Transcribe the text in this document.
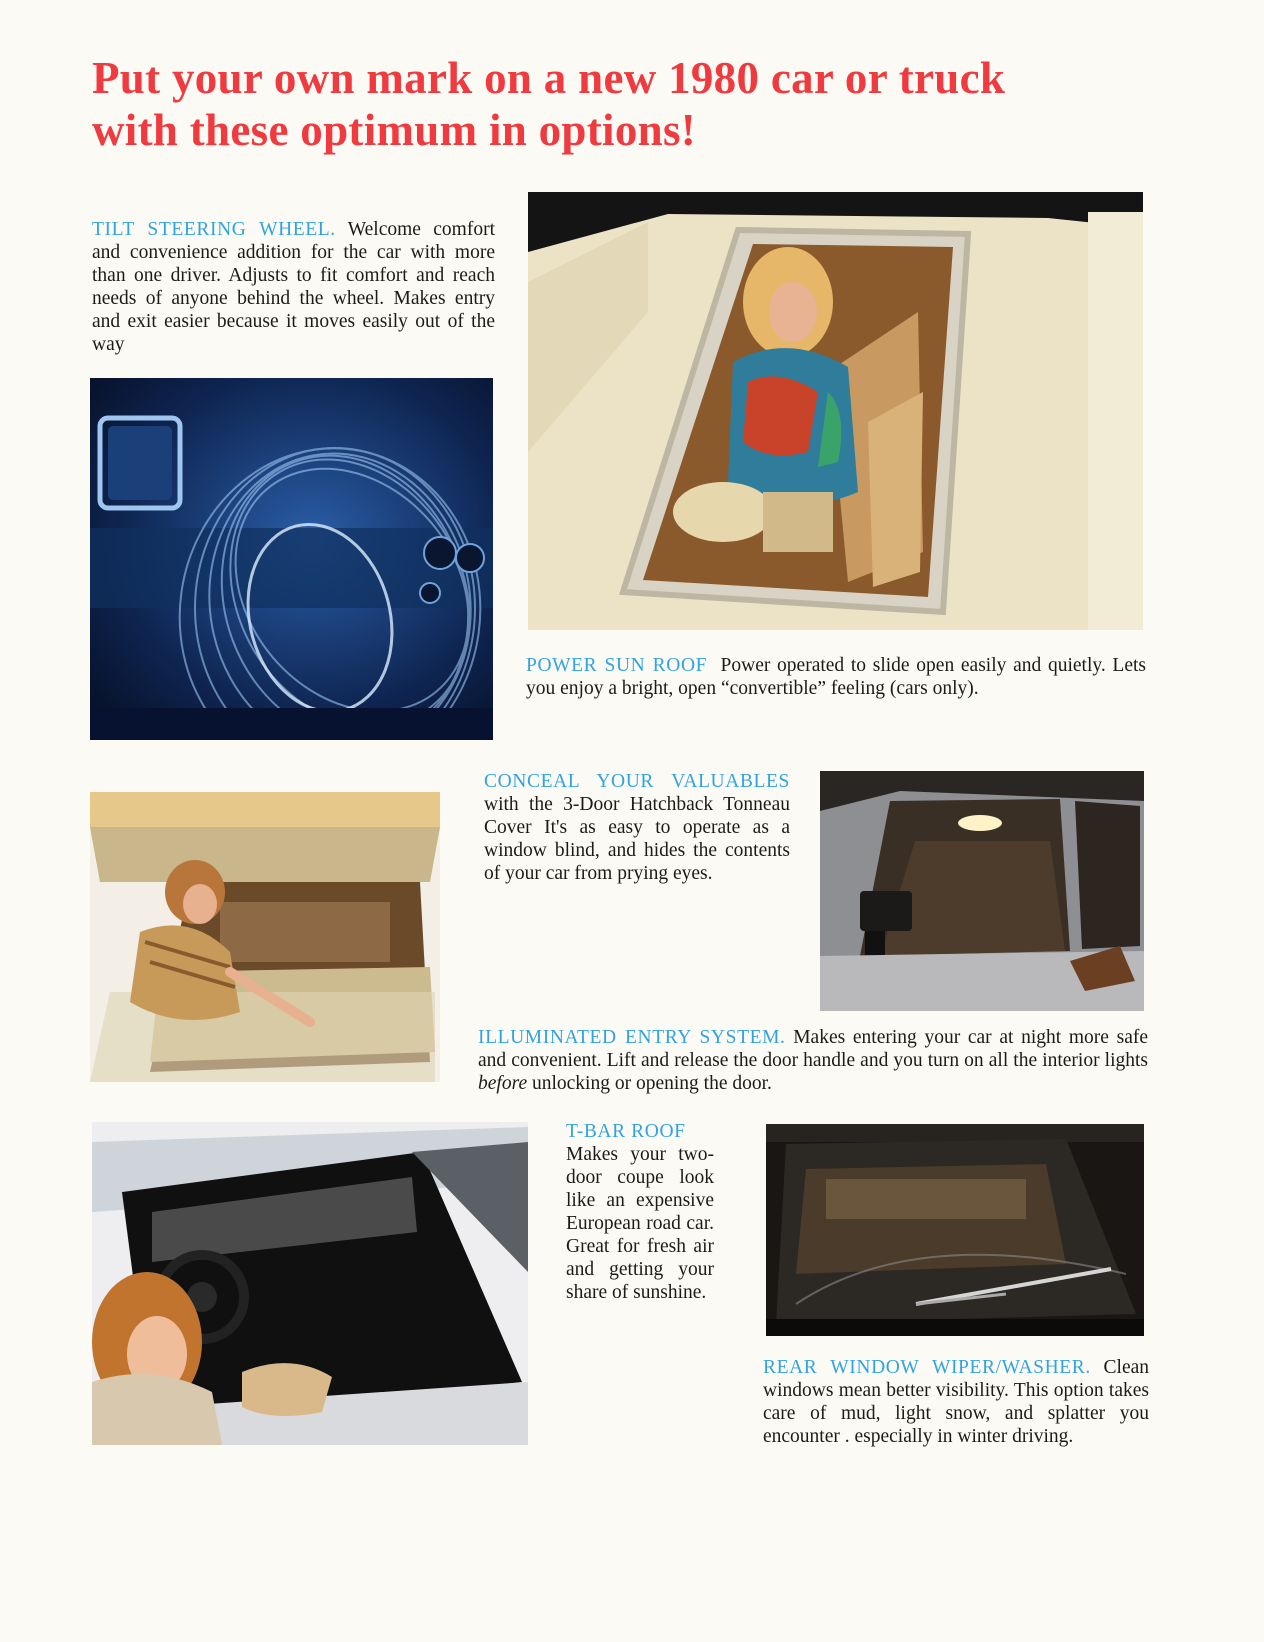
Put your own mark on a new 1980 car or truck
with these optimum in options!
TILT STEERING WHEEL. Welcome comfort and convenience addition for the car with more than one driver. Adjusts to fit comfort and reach needs of anyone behind the wheel. Makes entry and exit easier because it moves easily out of the way
POWER SUN ROOF Power operated to slide open easily and quietly. Lets you enjoy a bright, open “convertible” feeling (cars only).
CONCEAL YOUR VALUABLES with the 3-Door Hatchback Tonneau Cover It's as easy to operate as a window blind, and hides the contents of your car from prying eyes.
ILLUMINATED ENTRY SYSTEM. Makes entering your car at night more safe and convenient. Lift and release the door handle and you turn on all the interior lights before unlocking or opening the door.
T-BAR ROOF
Makes your two-door coupe look like an expensive European road car. Great for fresh air and getting your share of sunshine.
REAR WINDOW WIPER/WASHER. Clean windows mean better visibility. This option takes care of mud, light snow, and splatter you encounter . especially in winter driving.
